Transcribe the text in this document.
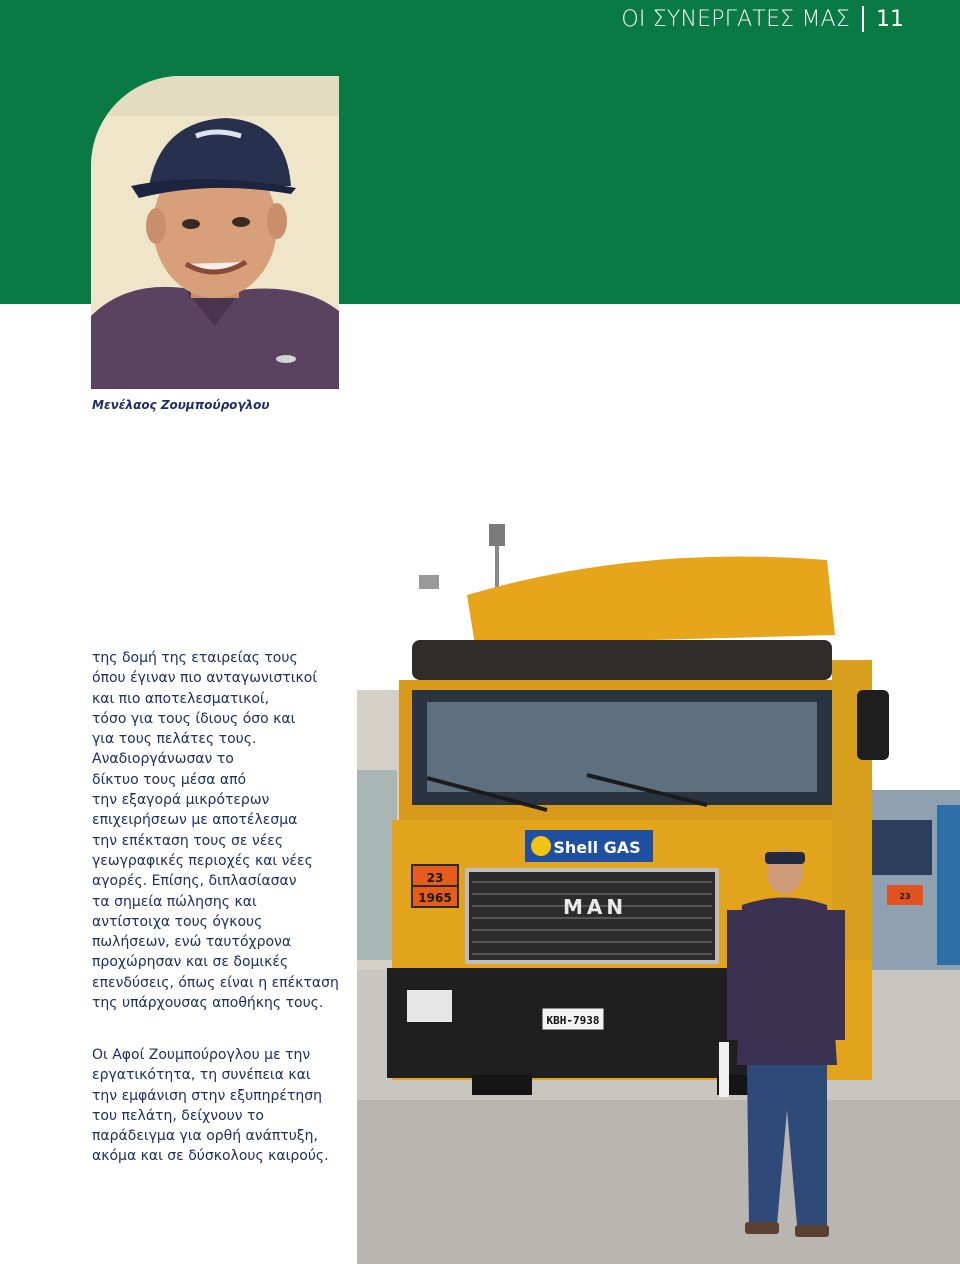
ΟΙ ΣΥΝΕΡΓΑΤΕΣ ΜΑΣ 11
Μενέλαος Ζουμπούρογλου
της δομή της εταιρείας τους
όπου έγιναν πιο ανταγωνιστικοί
και πιο αποτελεσματικοί,
τόσο για τους ίδιους όσο και
για τους πελάτες τους.
Αναδιοργάνωσαν το
δίκτυο τους μέσα από
την εξαγορά μικρότερων
επιχειρήσεων με αποτέλεσμα
την επέκταση τους σε νέες
γεωγραφικές περιοχές και νέες
αγορές. Επίσης, διπλασίασαν
τα σημεία πώλησης και
αντίστοιχα τους όγκους
πωλήσεων, ενώ ταυτόχρονα
προχώρησαν και σε δομικές
επενδύσεις, όπως είναι η επέκταση
της υπάρχουσας αποθήκης τους.
Οι Αφοί Ζουμπούρογλου με την
εργατικότητα, τη συνέπεια και
την εμφάνιση στην εξυπηρέτηση
του πελάτη, δείχνουν το
παράδειγμα για ορθή ανάπτυξη,
ακόμα και σε δύσκολους καιρούς.
23
Shell GAS
23
1965	MAN
ΚΒΗ-7938
